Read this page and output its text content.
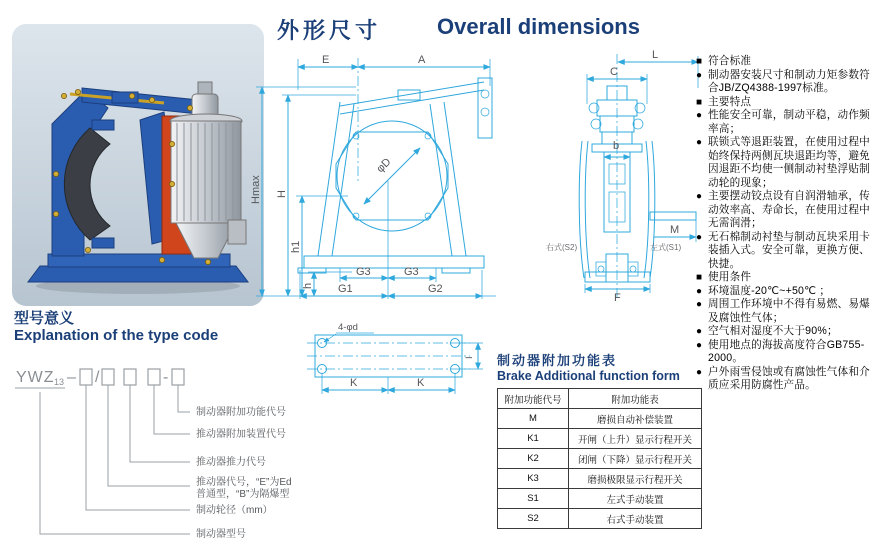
外形尺寸	Overall dimensions
φD
E	A
Hmax H
h1
h
G3	G3
G1	G2
4-φd
K	K
I
L
C
b
M
右式(S2)	左式(S1)
F
型号意义
Explanation of the type code
YWZ 13 – /	-
制动器附加功能代号
推动器附加装置代号
推动器推力代号
推动器代号，“E”为Ed
普通型，“B”为隔爆型
制动轮径（mm）
制动器型号
制动器附加功能表
Brake Additional function form
附加功能代号	附加功能表
M	磨损自动补偿装置
K1	开闸（上升）显示行程开关
K2	闭闸（下降）显示行程开关
K3	磨损极限显示行程开关
S1	左式手动装置
S2	右式手动装置
■ 符合标准
● 制动器安装尺寸和制动力矩参数符合JB/ZQ4388-1997标准。
■ 主要特点
● 性能安全可靠，制动平稳，动作频率高；
● 联锁式等退距装置，在使用过程中始终保持两侧瓦块退距均等，避免因退距不均使一侧制动衬垫浮贴制动轮的现象；
● 主要摆动铰点设有自润滑轴承，传动效率高、寿命长，在使用过程中无需润滑；
● 无石棉制动衬垫与制动瓦块采用卡装插入式。安全可靠，更换方便、快捷。
■ 使用条件
● 环境温度-20℃~+50℃ ；
● 周围工作环境中不得有易燃、易爆及腐蚀性气体；
● 空气相对湿度不大于90%；
● 使用地点的海拔高度符合GB755-2000。
● 户外雨雪侵蚀或有腐蚀性气体和介质应采用防腐性产品。
